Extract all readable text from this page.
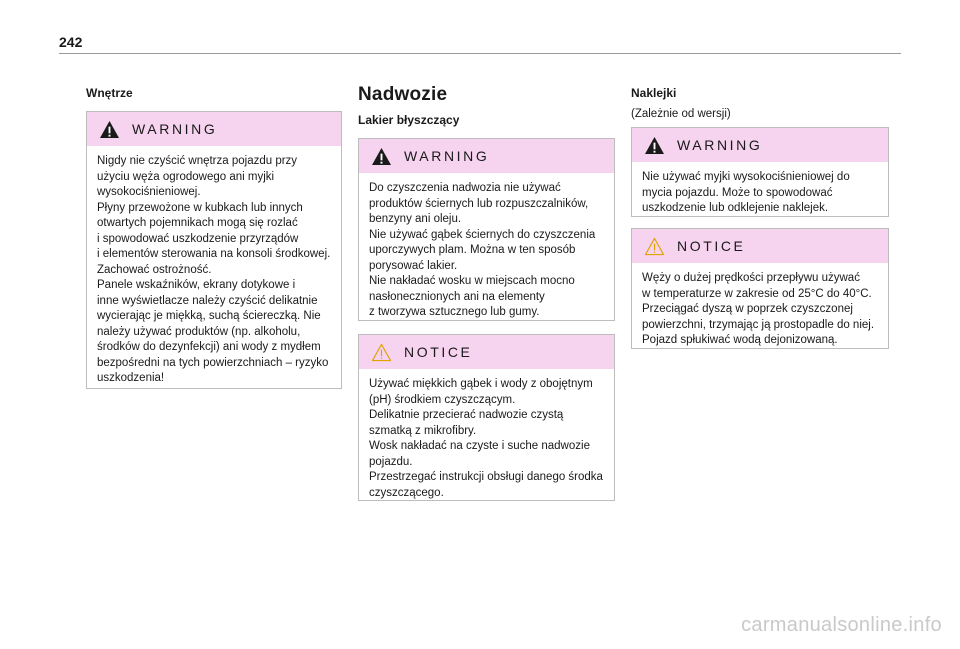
242

Wnętrze

WARNING

Nigdy nie czyścić wnętrza pojazdu przy

użyciu węża ogrodowego ani myjki

wysokociśnieniowej.

Płyny przewożone w kubkach lub innych

otwartych pojemnikach mogą się rozlać

i spowodować uszkodzenie przyrządów

i elementów sterowania na konsoli środkowej.

Zachować ostrożność.

Panele wskaźników, ekrany dotykowe i

inne wyświetlacze należy czyścić delikatnie

wycierając je miękką, suchą ściereczką. Nie

należy używać produktów (np. alkoholu,

środków do dezynfekcji) ani wody z mydłem

bezpośredni na tych powierzchniach – ryzyko

uszkodzenia!

Nadwozie

Lakier błyszczący

WARNING

Do czyszczenia nadwozia nie używać

produktów ściernych lub rozpuszczalników,

benzyny ani oleju.

Nie używać gąbek ściernych do czyszczenia

uporczywych plam. Można w ten sposób

porysować lakier.

Nie nakładać wosku w miejscach mocno

nasłonecznionych ani na elementy

z tworzywa sztucznego lub gumy.

NOTICE

Używać miękkich gąbek i wody z obojętnym

(pH) środkiem czyszczącym.

Delikatnie przecierać nadwozie czystą

szmatką z mikrofibry.

Wosk nakładać na czyste i suche nadwozie

pojazdu.

Przestrzegać instrukcji obsługi danego środka

czyszczącego.

Naklejki

(Zależnie od wersji)

WARNING

Nie używać myjki wysokociśnieniowej do

mycia pojazdu. Może to spowodować

uszkodzenie lub odklejenie naklejek.

NOTICE

Węży o dużej prędkości przepływu używać

w temperaturze w zakresie od 25°C do 40°C.

Przeciągać dyszą w poprzek czyszczonej

powierzchni, trzymając ją prostopadle do niej.

Pojazd spłukiwać wodą dejonizowaną.

carmanualsonline.info
